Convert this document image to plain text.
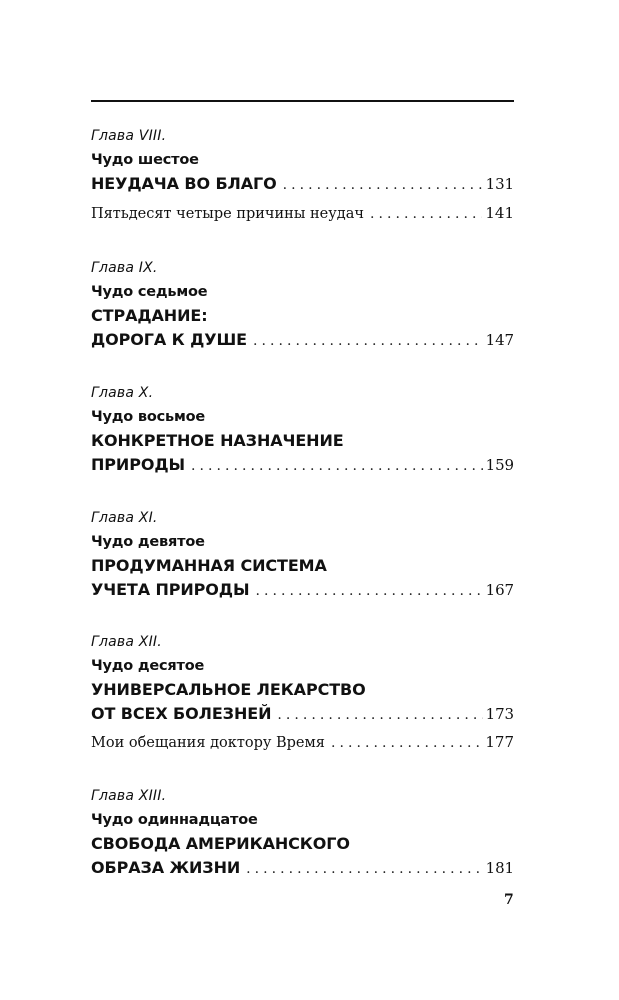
Глава VIII.
Чудо шестое
НЕУДАЧА ВО БЛАГО . . .	131
Пятьдесят четыре причины неудач . . .	141
Глава IX.
Чудо седьмое
СТРАДАНИЕ:
ДОРОГА К ДУШЕ . . .	147
Глава X.
Чудо восьмое
КОНКРЕТНОЕ НАЗНАЧЕНИЕ
ПРИРОДЫ . . .	159
Глава XI.
Чудо девятое
ПРОДУМАННАЯ СИСТЕМА
УЧЕТА ПРИРОДЫ . . .	167
Глава XII.
Чудо десятое
УНИВЕРСАЛЬНОЕ ЛЕКАРСТВО
ОТ ВСЕХ БОЛЕЗНЕЙ . . .	173
Мои обещания доктору Время . . .	177
Глава XIII.
Чудо одиннадцатое
СВОБОДА АМЕРИКАНСКОГО
ОБРАЗА ЖИЗНИ . . .	181
7
